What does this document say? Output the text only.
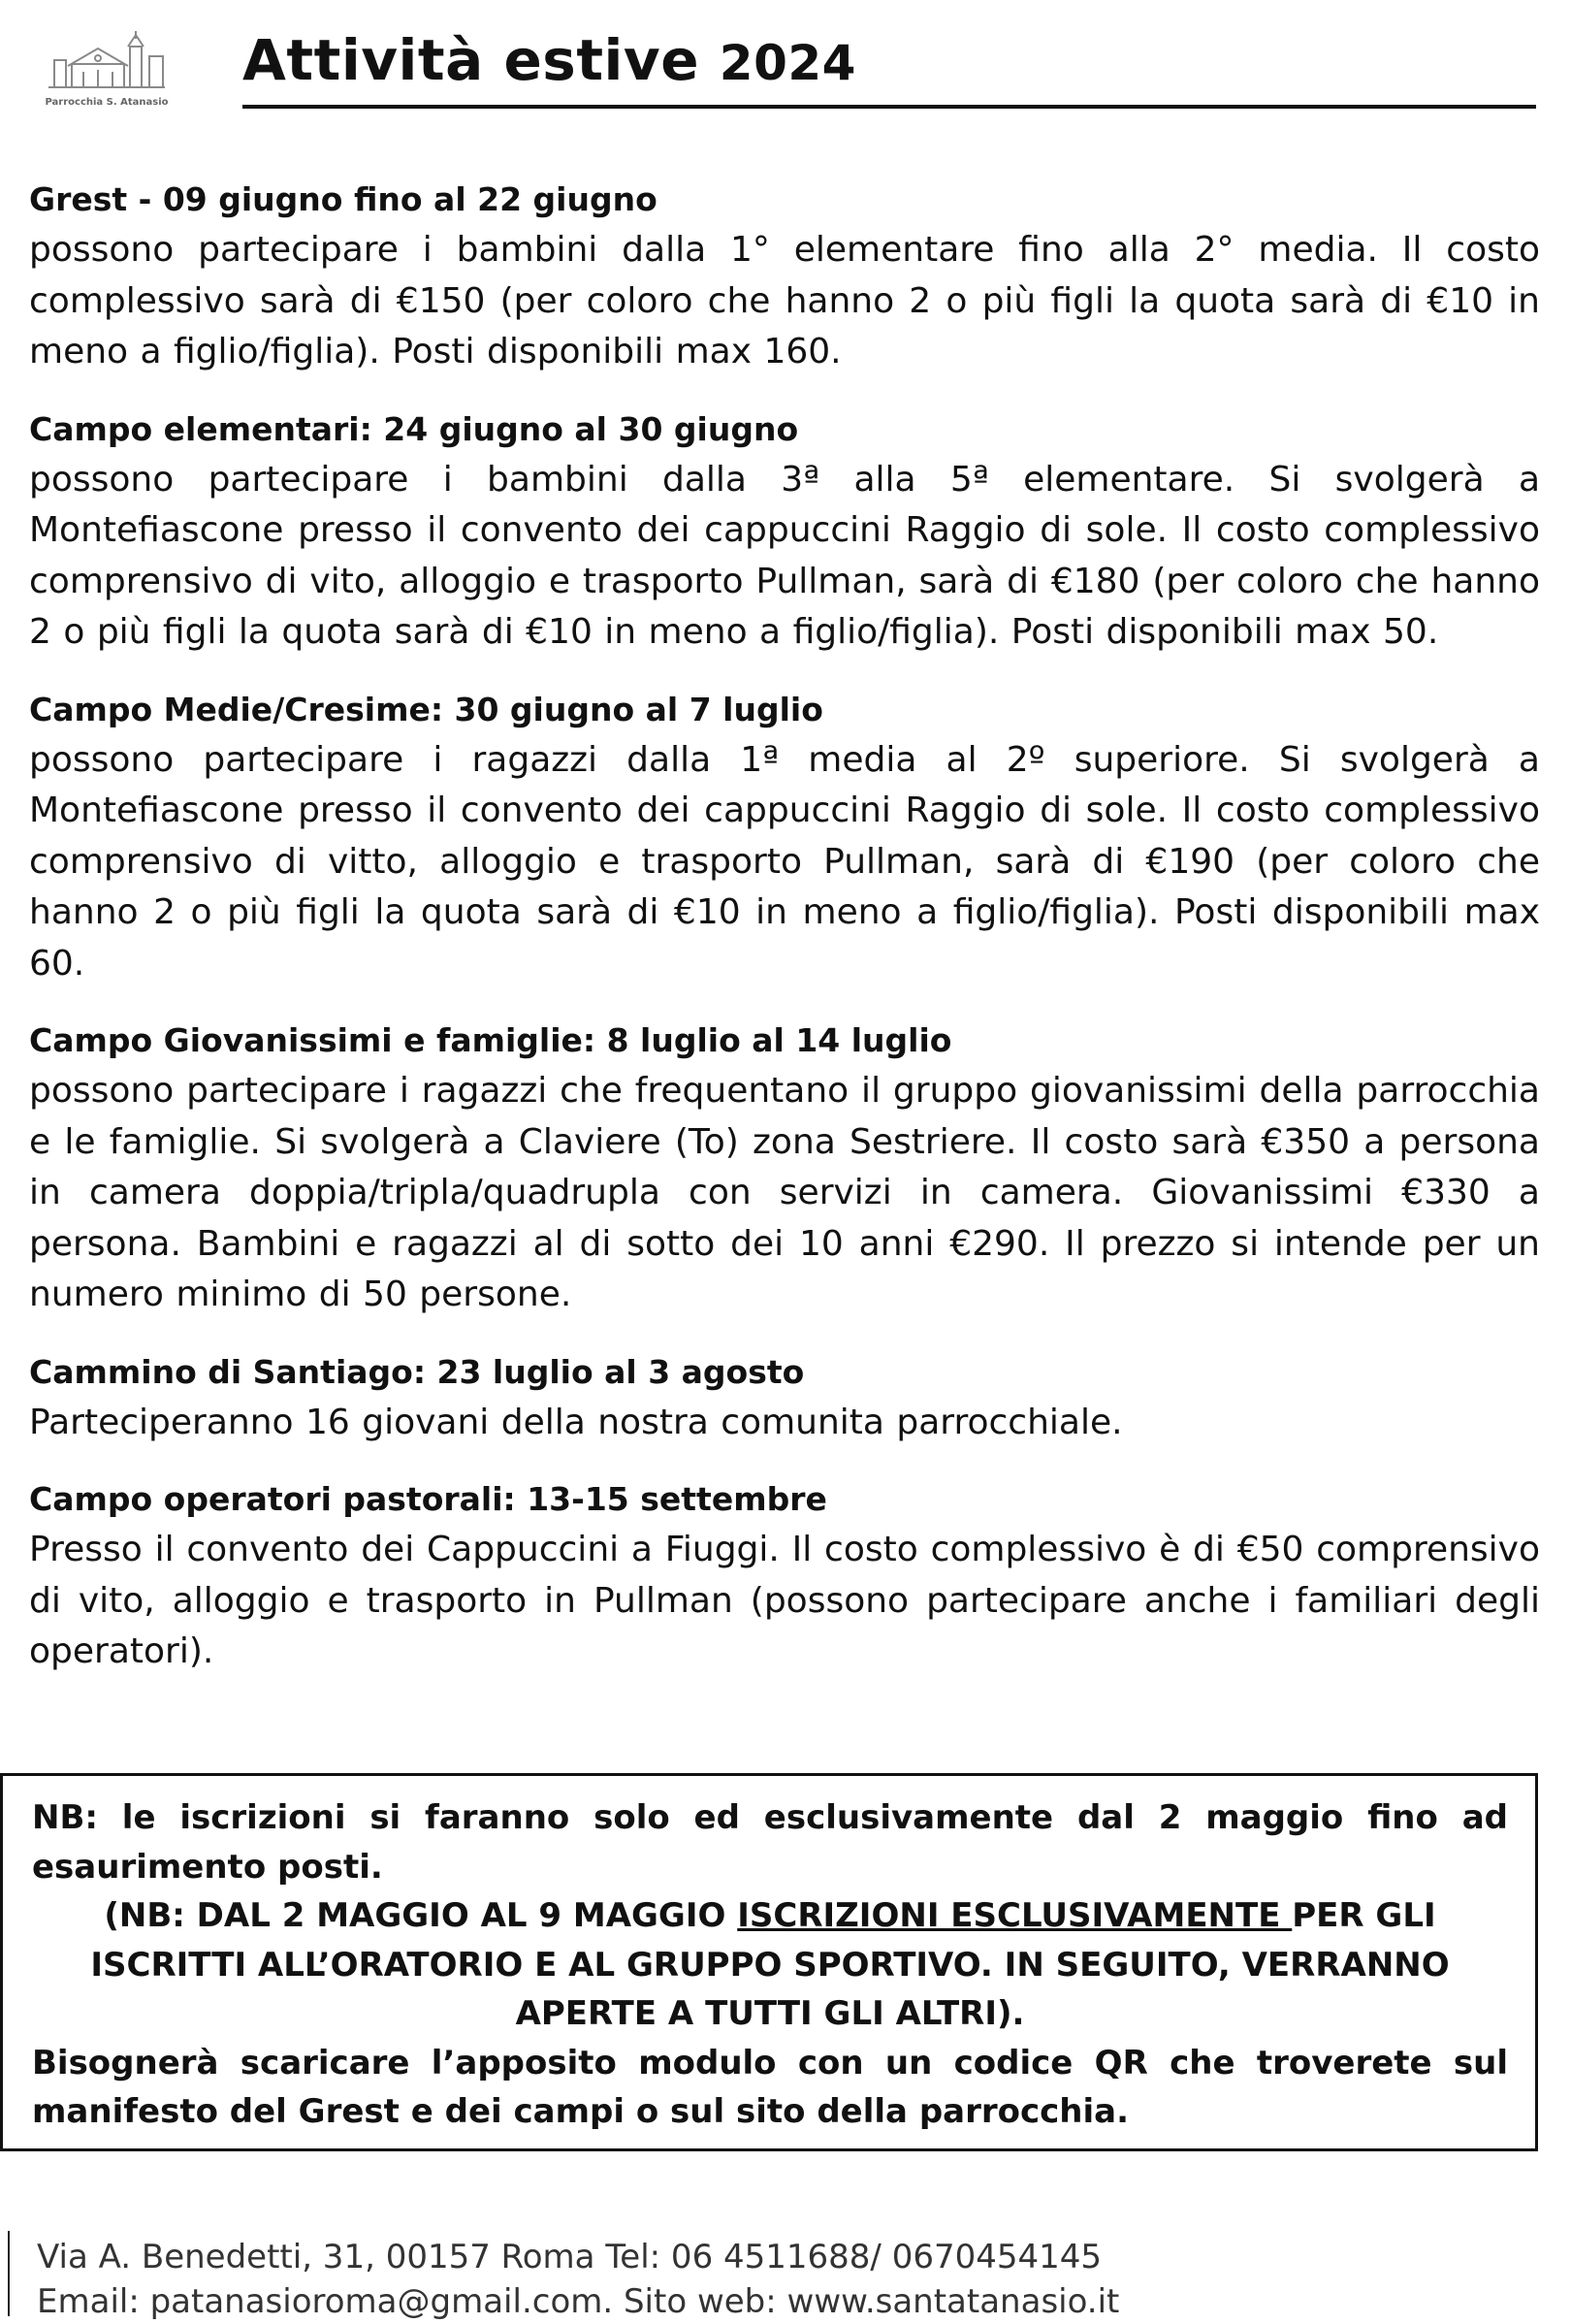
Parrocchia S. Atanasio
Attività estive 2024
Grest - 09 giugno fino al 22 giugno

possono partecipare i bambini dalla 1° elementare fino alla 2° media. Il costo complessivo sarà di €150 (per coloro che hanno 2 o più figli la quota sarà di €10 in meno a figlio/figlia). Posti disponibili max 160.

Campo elementari: 24 giugno al 30 giugno

possono partecipare i bambini dalla 3ª alla 5ª elementare. Si svolgerà a Montefiascone presso il convento dei cappuccini Raggio di sole. Il costo complessivo comprensivo di vito, alloggio e trasporto Pullman, sarà di €180 (per coloro che hanno 2 o più figli la quota sarà di €10 in meno a figlio/figlia). Posti disponibili max 50.

Campo Medie/Cresime: 30 giugno al 7 luglio

possono partecipare i ragazzi dalla 1ª media al 2º superiore. Si svolgerà a Montefiascone presso il convento dei cappuccini Raggio di sole. Il costo complessivo comprensivo di vitto, alloggio e trasporto Pullman, sarà di €190 (per coloro che hanno 2 o più figli la quota sarà di €10 in meno a figlio/figlia). Posti disponibili max 60.

Campo Giovanissimi e famiglie: 8 luglio al 14 luglio

possono partecipare i ragazzi che frequentano il gruppo giovanissimi della parrocchia e le famiglie. Si svolgerà a Claviere (To) zona Sestriere. Il costo sarà €350 a persona in camera doppia/tripla/quadrupla con servizi in camera. Giovanissimi €330 a persona. Bambini e ragazzi al di sotto dei 10 anni €290. Il prezzo si intende per un numero minimo di 50 persone.

Cammino di Santiago: 23 luglio al 3 agosto

Parteciperanno 16 giovani della nostra comunita parrocchiale.

Campo operatori pastorali: 13-15 settembre

Presso il convento dei Cappuccini a Fiuggi. Il costo complessivo è di €50 comprensivo di vito, alloggio e trasporto in Pullman (possono partecipare anche i familiari degli operatori).

NB: le iscrizioni si faranno solo ed esclusivamente dal 2 maggio fino ad esaurimento posti.

(NB: DAL 2 MAGGIO AL 9 MAGGIO ISCRIZIONI ESCLUSIVAMENTE PER GLI ISCRITTI ALL’ORATORIO E AL GRUPPO SPORTIVO. IN SEGUITO, VERRANNO APERTE A TUTTI GLI ALTRI).

Bisognerà scaricare l’apposito modulo con un codice QR che troverete sul manifesto del Grest e dei campi o sul sito della parrocchia.

Via A. Benedetti, 31, 00157 Roma Tel: 06 4511688/ 0670454145

Email: patanasioroma@gmail.com. Sito web: www.santatanasio.it
